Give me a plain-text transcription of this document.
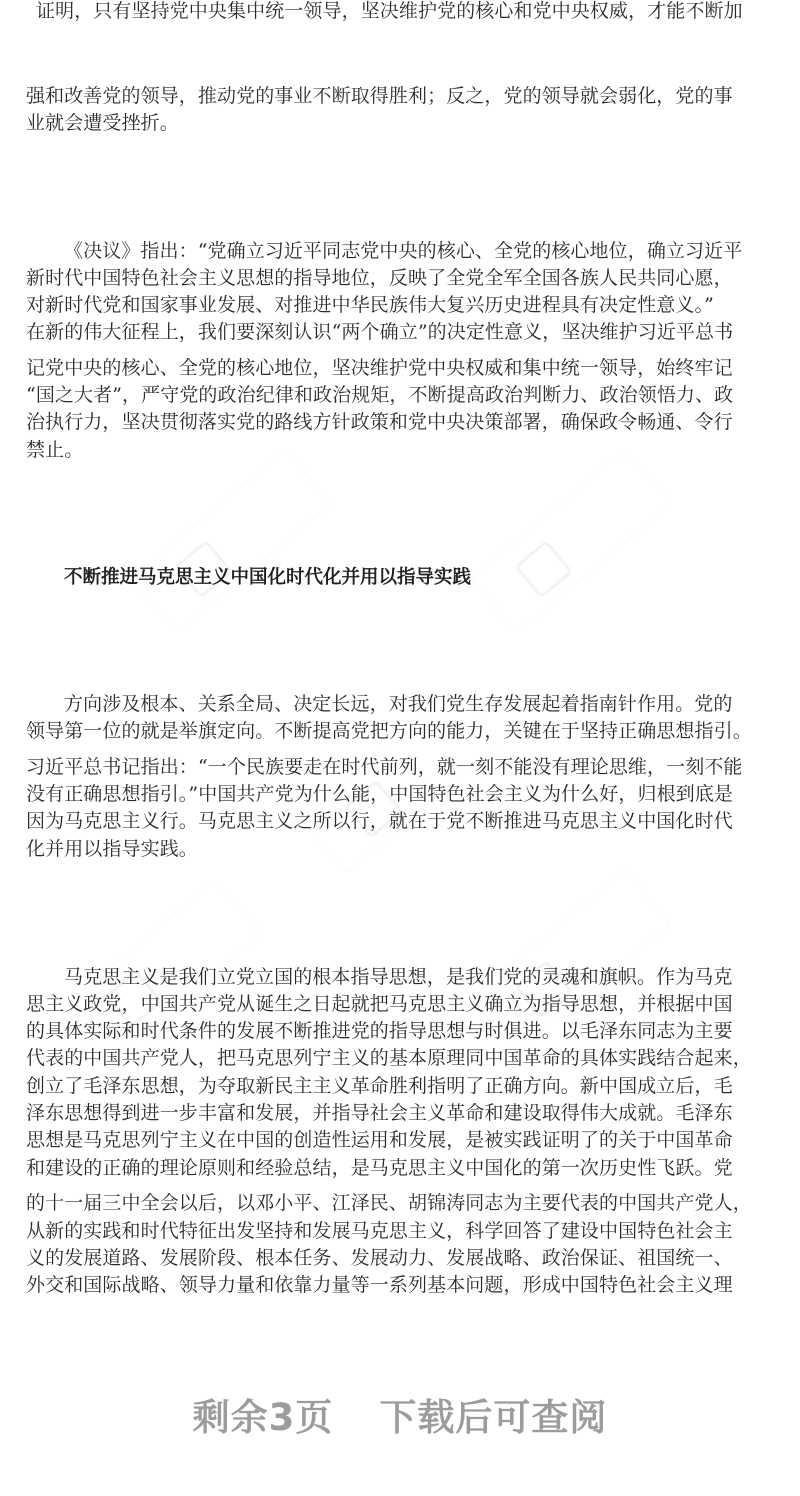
证明，只有坚持党中央集中统一领导，坚决维护党的核心和党中央权威，才能不断加
强和改善党的领导，推动党的事业不断取得胜利；反之，党的领导就会弱化，党的事
业就会遭受挫折。
《决议》指出：“党确立习近平同志党中央的核心、全党的核心地位，确立习近平
新时代中国特色社会主义思想的指导地位，反映了全党全军全国各族人民共同心愿，
对新时代党和国家事业发展、对推进中华民族伟大复兴历史进程具有决定性意义。”
在新的伟大征程上，我们要深刻认识“两个确立”的决定性意义，坚决维护习近平总书
记党中央的核心、全党的核心地位，坚决维护党中央权威和集中统一领导，始终牢记
“国之大者”，严守党的政治纪律和政治规矩，不断提高政治判断力、政治领悟力、政
治执行力，坚决贯彻落实党的路线方针政策和党中央决策部署，确保政令畅通、令行
禁止。
不断推进马克思主义中国化时代化并用以指导实践
方向涉及根本、关系全局、决定长远，对我们党生存发展起着指南针作用。党的
领导第一位的就是举旗定向。不断提高党把方向的能力，关键在于坚持正确思想指引。
习近平总书记指出：“一个民族要走在时代前列，就一刻不能没有理论思维，一刻不能
没有正确思想指引。”中国共产党为什么能，中国特色社会主义为什么好，归根到底是
因为马克思主义行。马克思主义之所以行，就在于党不断推进马克思主义中国化时代
化并用以指导实践。
马克思主义是我们立党立国的根本指导思想，是我们党的灵魂和旗帜。作为马克
思主义政党，中国共产党从诞生之日起就把马克思主义确立为指导思想，并根据中国
的具体实际和时代条件的发展不断推进党的指导思想与时俱进。以毛泽东同志为主要
代表的中国共产党人，把马克思列宁主义的基本原理同中国革命的具体实践结合起来，
创立了毛泽东思想，为夺取新民主主义革命胜利指明了正确方向。新中国成立后，毛
泽东思想得到进一步丰富和发展，并指导社会主义革命和建设取得伟大成就。毛泽东
思想是马克思列宁主义在中国的创造性运用和发展，是被实践证明了的关于中国革命
和建设的正确的理论原则和经验总结，是马克思主义中国化的第一次历史性飞跃。党
的十一届三中全会以后，以邓小平、江泽民、胡锦涛同志为主要代表的中国共产党人，
从新的实践和时代特征出发坚持和发展马克思主义，科学回答了建设中国特色社会主
义的发展道路、发展阶段、根本任务、发展动力、发展战略、政治保证、祖国统一、
外交和国际战略、领导力量和依靠力量等一系列基本问题，形成中国特色社会主义理
剩余3页 下载后可查阅
